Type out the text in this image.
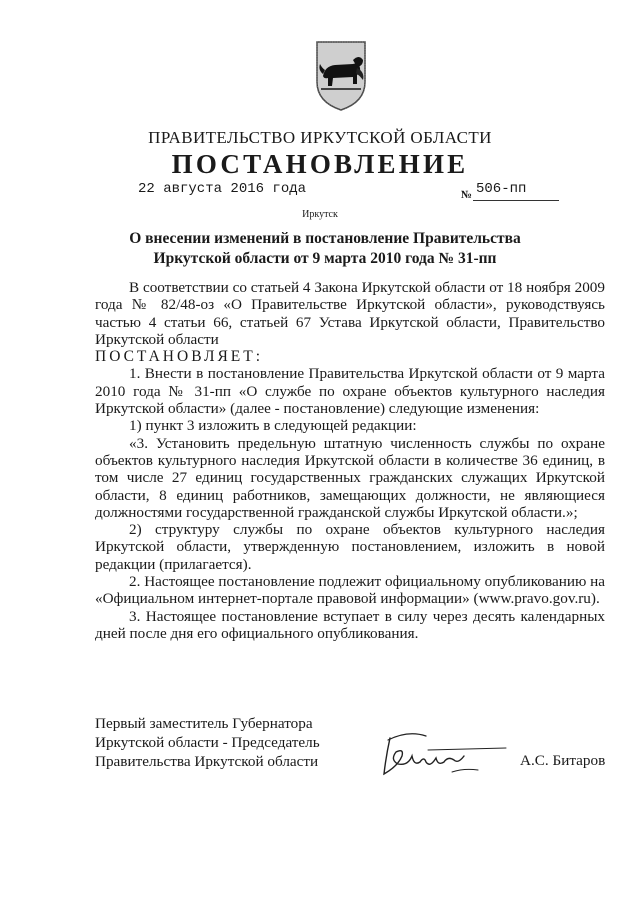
ПРАВИТЕЛЬСТВО ИРКУТСКОЙ ОБЛАСТИ
ПОСТАНОВЛЕНИЕ
22 августа 2016 года	№ 506-пп
Иркутск
О внесении изменений в постановление Правительства Иркутской области от 9 марта 2010 года № 31-пп

В соответствии со статьей 4 Закона Иркутской области от 18 ноября 2009 года № 82/48-оз «О Правительстве Иркутской области», руководствуясь частью 4 статьи 66, статьей 67 Устава Иркутской области, Правительство Иркутской области

ПОСТАНОВЛЯЕТ:

1. Внести в постановление Правительства Иркутской области от 9 марта 2010 года № 31-пп «О службе по охране объектов культурного наследия Иркутской области» (далее - постановление) следующие изменения:

1) пункт 3 изложить в следующей редакции:

«3. Установить предельную штатную численность службы по охране объектов культурного наследия Иркутской области в количестве 36 единиц, в том числе 27 единиц государственных гражданских служащих Иркутской области, 8 единиц работников, замещающих должности, не являющиеся должностями государственной гражданской службы Иркутской области.»;

2) структуру службы по охране объектов культурного наследия Иркутской области, утвержденную постановлением, изложить в новой редакции (прилагается).

2. Настоящее постановление подлежит официальному опубликованию на «Официальном интернет-портале правовой информации» (www.pravo.gov.ru).

3. Настоящее постановление вступает в силу через десять календарных дней после дня его официального опубликования.

Первый заместитель Губернатора
Иркутской области - Председатель
Правительства Иркутской области	А.С. Битаров
